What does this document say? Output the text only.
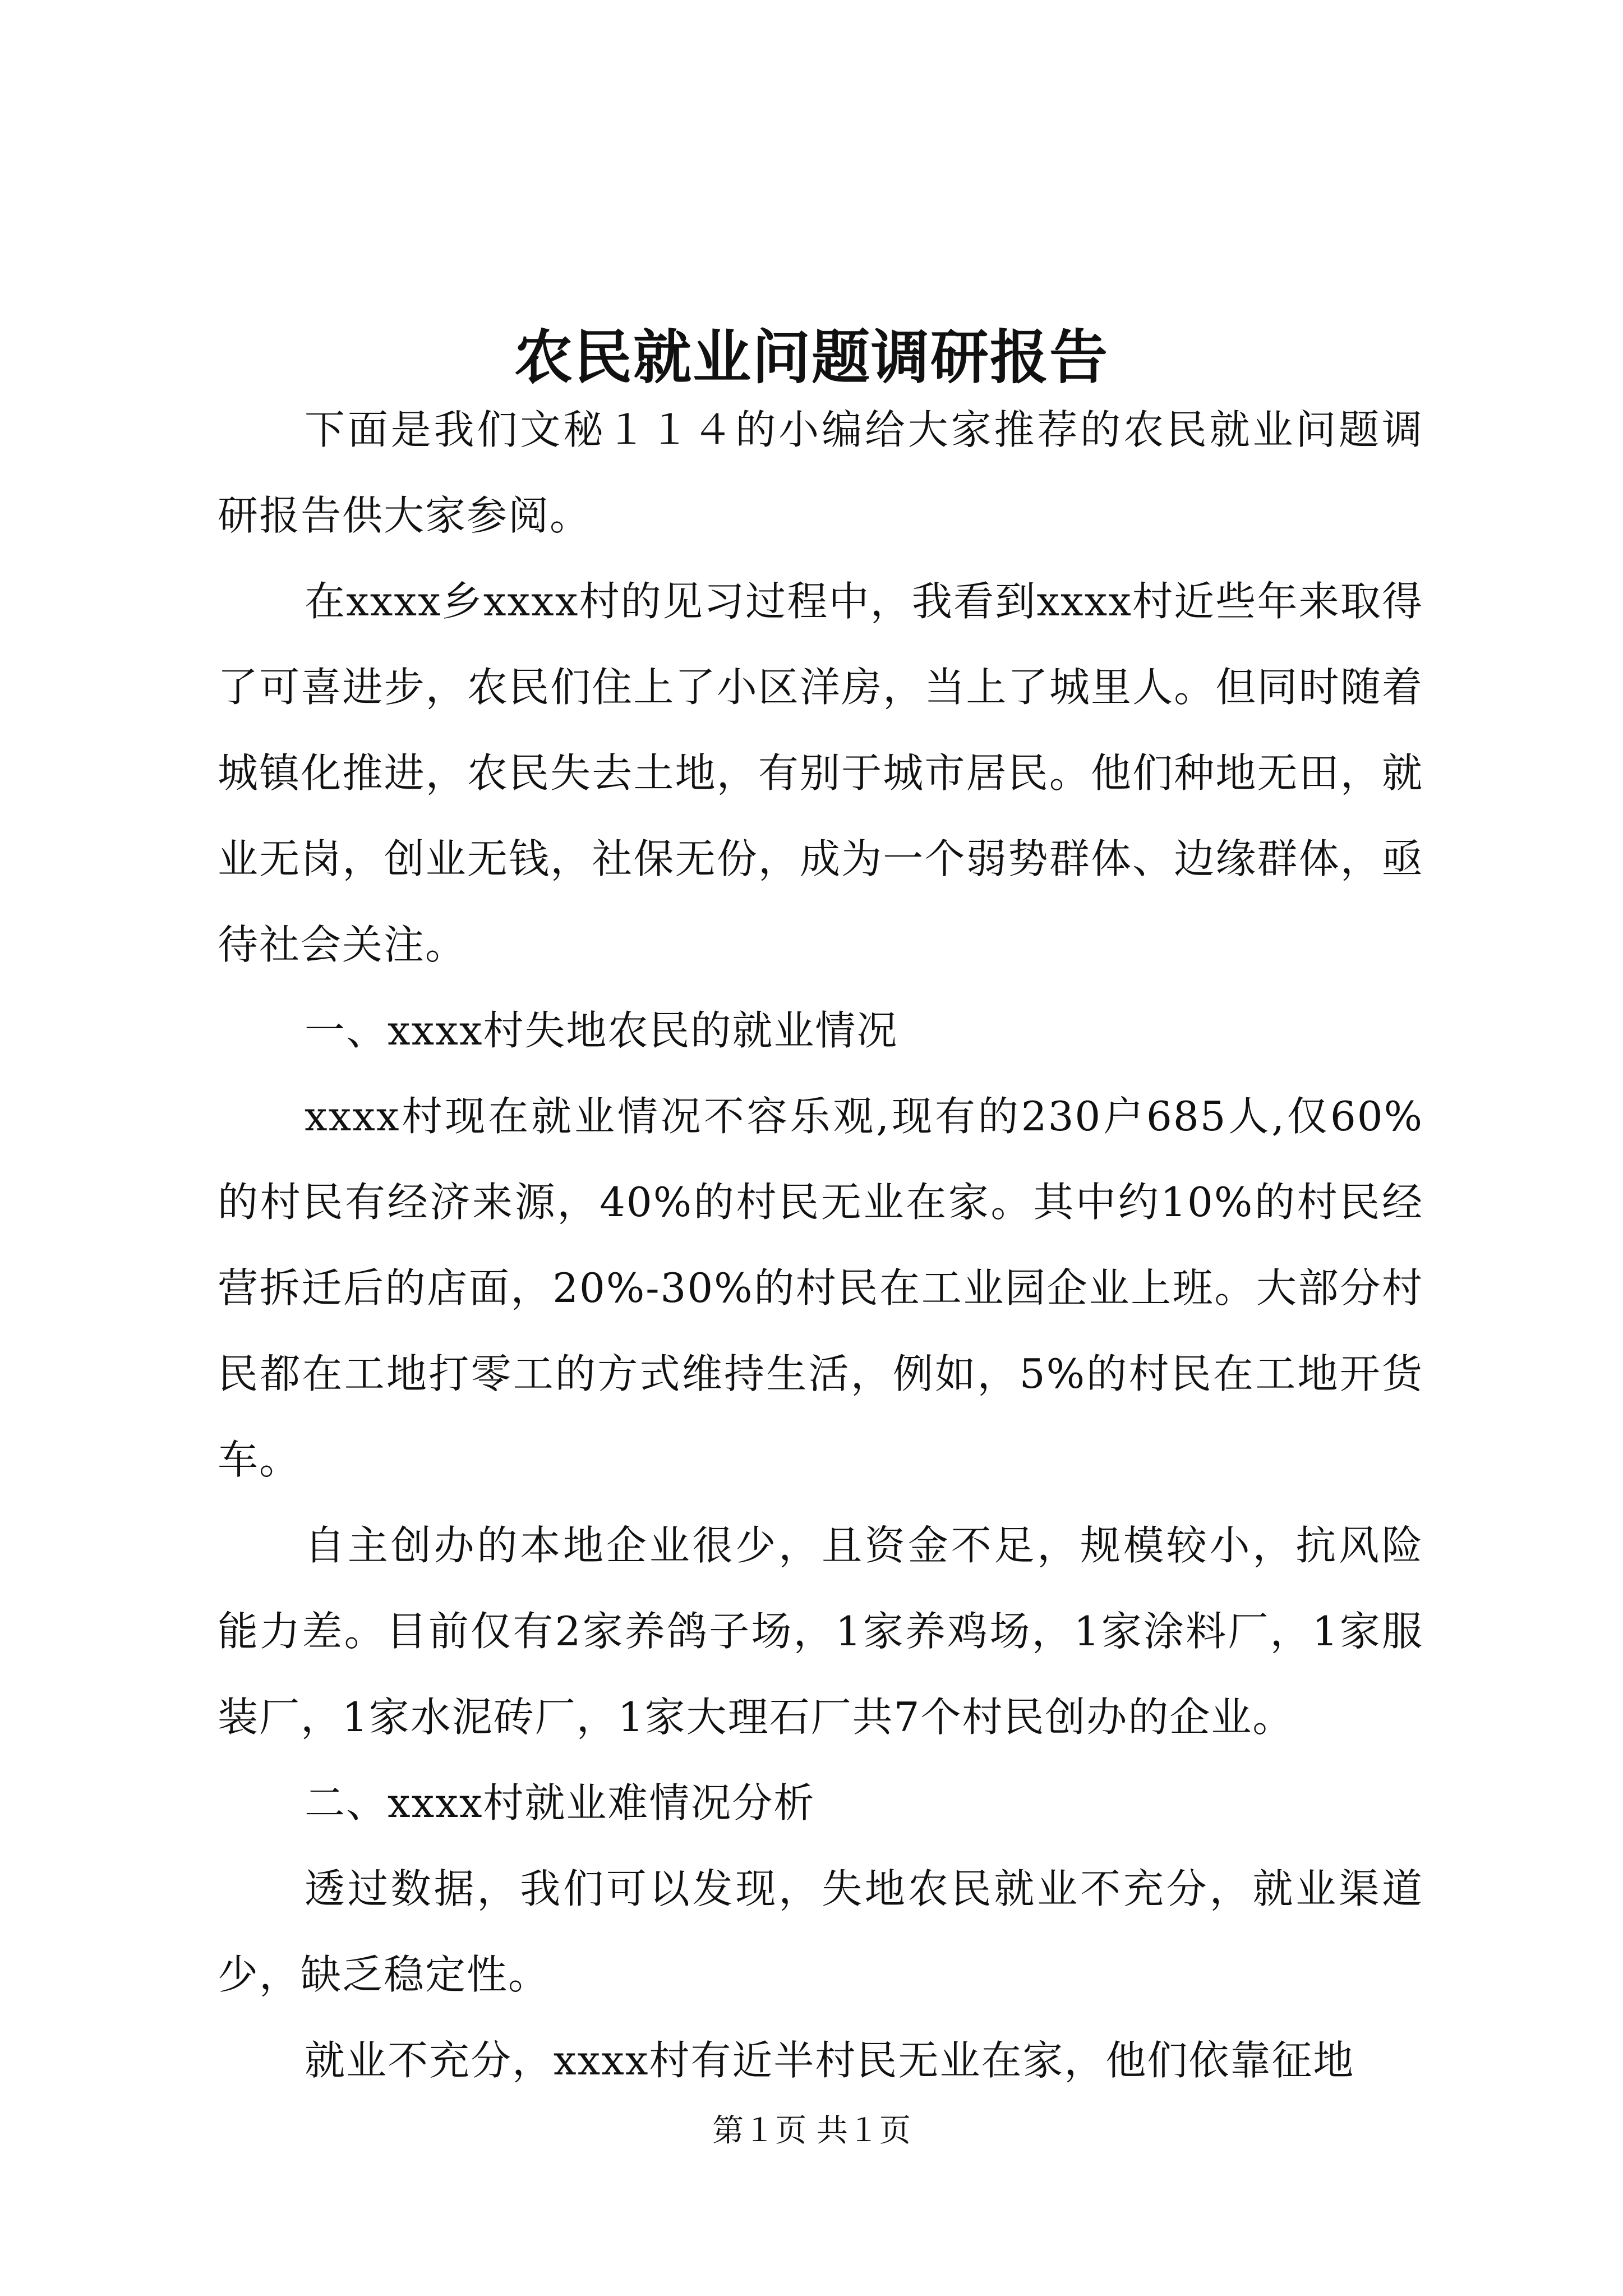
农民就业问题调研报告

下面是我们文秘１１４的小编给大家推荐的农民就业问题调研报告供大家参阅。

在xxxx乡xxxx村的见习过程中，我看到xxxx村近些年来取得了可喜进步，农民们住上了小区洋房，当上了城里人。但同时随着城镇化推进，农民失去土地，有别于城市居民。他们种地无田，就业无岗，创业无钱，社保无份，成为一个弱势群体、边缘群体，亟待社会关注。

一、xxxx村失地农民的就业情况

xxxx村现在就业情况不容乐观,现有的230户685人,仅60%的村民有经济来源，40%的村民无业在家。其中约10%的村民经营拆迁后的店面，20%-30%的村民在工业园企业上班。大部分村民都在工地打零工的方式维持生活，例如，5%的村民在工地开货车。

自主创办的本地企业很少，且资金不足，规模较小，抗风险能力差。目前仅有2家养鸽子场，1家养鸡场，1家涂料厂，1家服装厂，1家水泥砖厂，1家大理石厂共7个村民创办的企业。

二、xxxx村就业难情况分析

透过数据，我们可以发现，失地农民就业不充分，就业渠道少，缺乏稳定性。

就业不充分，xxxx村有近半村民无业在家，他们依靠征地

第１页 共１页
